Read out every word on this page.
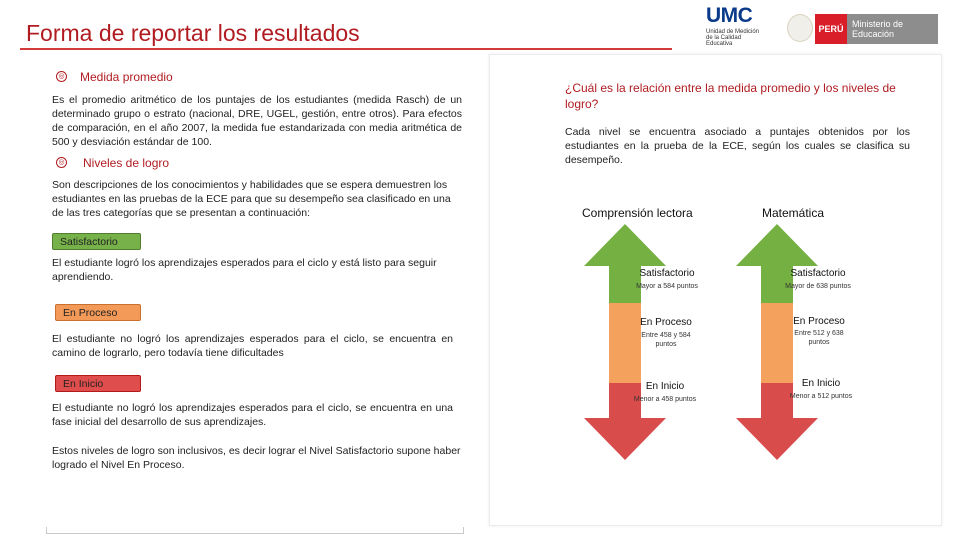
Forma de reportar los resultados
UMC
Unidad de Medición de la Calidad Educativa
PERÚ Ministerio de Educación
◎ Medida promedio
Es el promedio aritmético de los puntajes de los estudiantes (medida Rasch) de un determinado grupo o estrato (nacional, DRE, UGEL, gestión, entre otros). Para efectos de comparación, en el año 2007, la medida fue estandarizada con media aritmética de 500 y desviación estándar de 100.
◎ Niveles de logro
Son descripciones de los conocimientos y habilidades que se espera demuestren los estudiantes en las pruebas de la ECE para que su desempeño sea clasificado en una de las tres categorías que se presentan a continuación:
Satisfactorio
El estudiante logró los aprendizajes esperados para el ciclo y está listo para seguir aprendiendo.
En Proceso
El estudiante no logró los aprendizajes esperados para el ciclo, se encuentra en camino de lograrlo, pero todavía tiene dificultades
En Inicio
El estudiante no logró los aprendizajes esperados para el ciclo, se encuentra en una fase inicial del desarrollo de sus aprendizajes.
Estos niveles de logro son inclusivos, es decir lograr el Nivel Satisfactorio supone haber logrado el Nivel En Proceso.
¿Cuál es la relación entre la medida promedio y los niveles de logro?
Cada nivel se encuentra asociado a puntajes obtenidos por los estudiantes en la prueba de la ECE, según los cuales se clasifica su desempeño.
Comprensión lectora	Matemática
Satisfactorio
Mayor a 584 puntos
En Proceso
Entre 458 y 584 puntos
En Inicio
Menor a 458 puntos
Satisfactorio
Mayor de 638 puntos
En Proceso
Entre 512 y 638 puntos
En Inicio
Menor a 512 puntos
